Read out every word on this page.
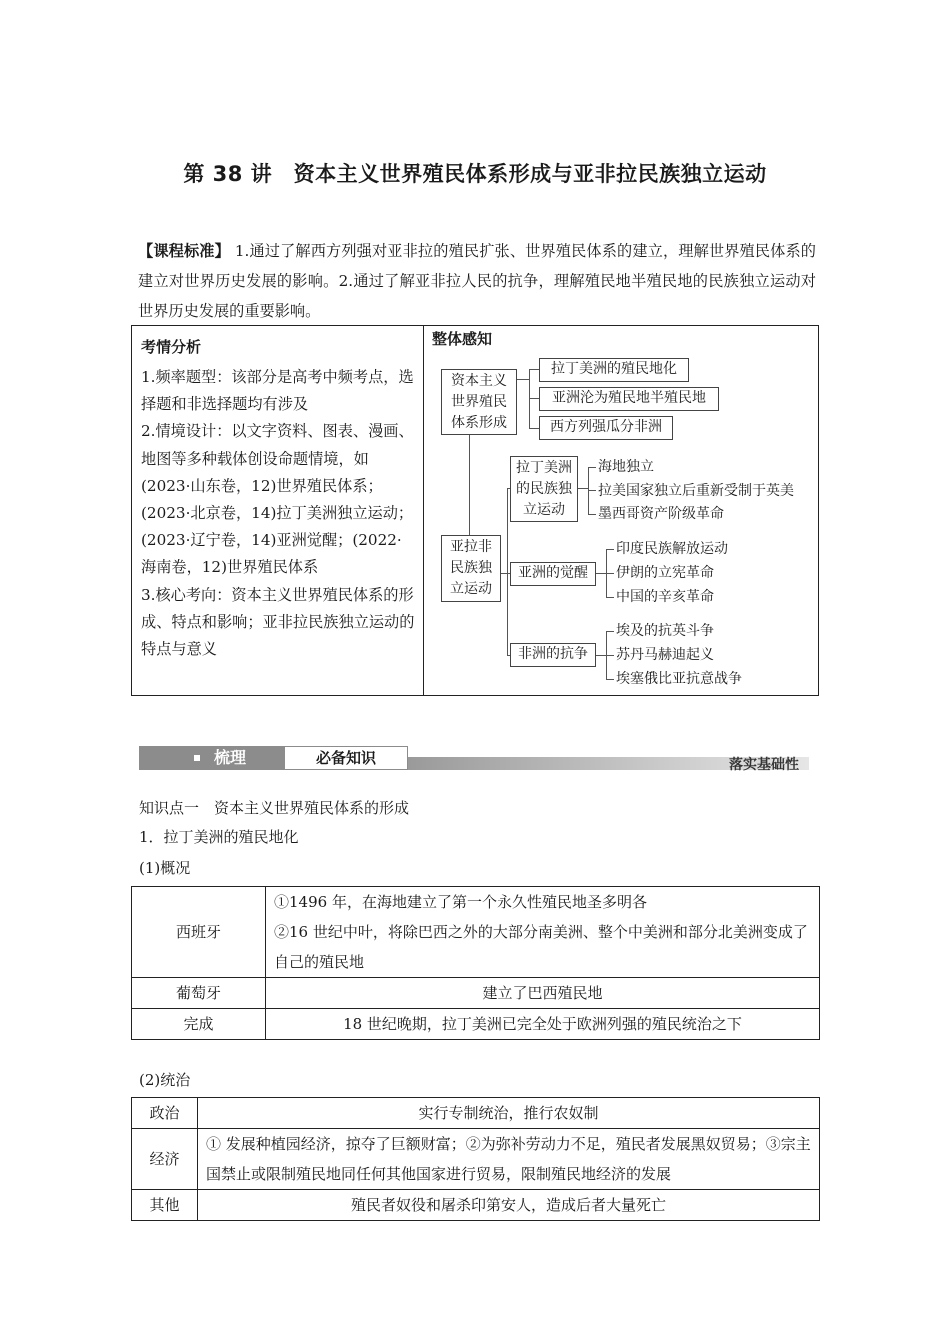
第 38 讲　资本主义世界殖民体系形成与亚非拉民族独立运动
【课程标准】 1.通过了解西方列强对亚非拉的殖民扩张、世界殖民体系的建立，理解世界殖民体系的建立对世界历史发展的影响。2.通过了解亚非拉人民的抗争，理解殖民地半殖民地的民族独立运动对世界历史发展的重要影响。
考情分析
1.频率题型：该部分是高考中频考点，选择题和非选择题均有涉及
2.情境设计：以文字资料、图表、漫画、地图等多种载体创设命题情境，如(2023·山东卷，12)世界殖民体系；(2023·北京卷，14)拉丁美洲独立运动；(2023·辽宁卷，14)亚洲觉醒；(2022·海南卷，12)世界殖民体系
3.核心考向：资本主义世界殖民体系的形成、特点和影响；亚非拉民族独立运动的特点与意义
整体感知
资本主义世界殖民体系形成
拉丁美洲的殖民地化
亚洲沦为殖民地半殖民地
西方列强瓜分非洲
亚拉非民族独立运动
拉丁美洲的民族独立运动
海地独立
拉美国家独立后重新受制于英美
墨西哥资产阶级革命
亚洲的觉醒
印度民族解放运动
伊朗的立宪革命
中国的辛亥革命
非洲的抗争
埃及的抗英斗争
苏丹马赫迪起义
埃塞俄比亚抗意战争
梳理	必备知识	落实基础性
知识点一　资本主义世界殖民体系的形成
1．拉丁美洲的殖民地化
(1)概况
西班牙	①1496 年，在海地建立了第一个永久性殖民地圣多明各
②16 世纪中叶，将除巴西之外的大部分南美洲、整个中美洲和部分北美洲变成了自己的殖民地

葡萄牙	建立了巴西殖民地
完成	18 世纪晚期，拉丁美洲已完全处于欧洲列强的殖民统治之下
(2)统治
政治	实行专制统治，推行农奴制
经济	① 发展种植园经济，掠夺了巨额财富；②为弥补劳动力不足，殖民者发展黑奴贸易；③宗主国禁止或限制殖民地同任何其他国家进行贸易，限制殖民地经济的发展
其他	殖民者奴役和屠杀印第安人，造成后者大量死亡
